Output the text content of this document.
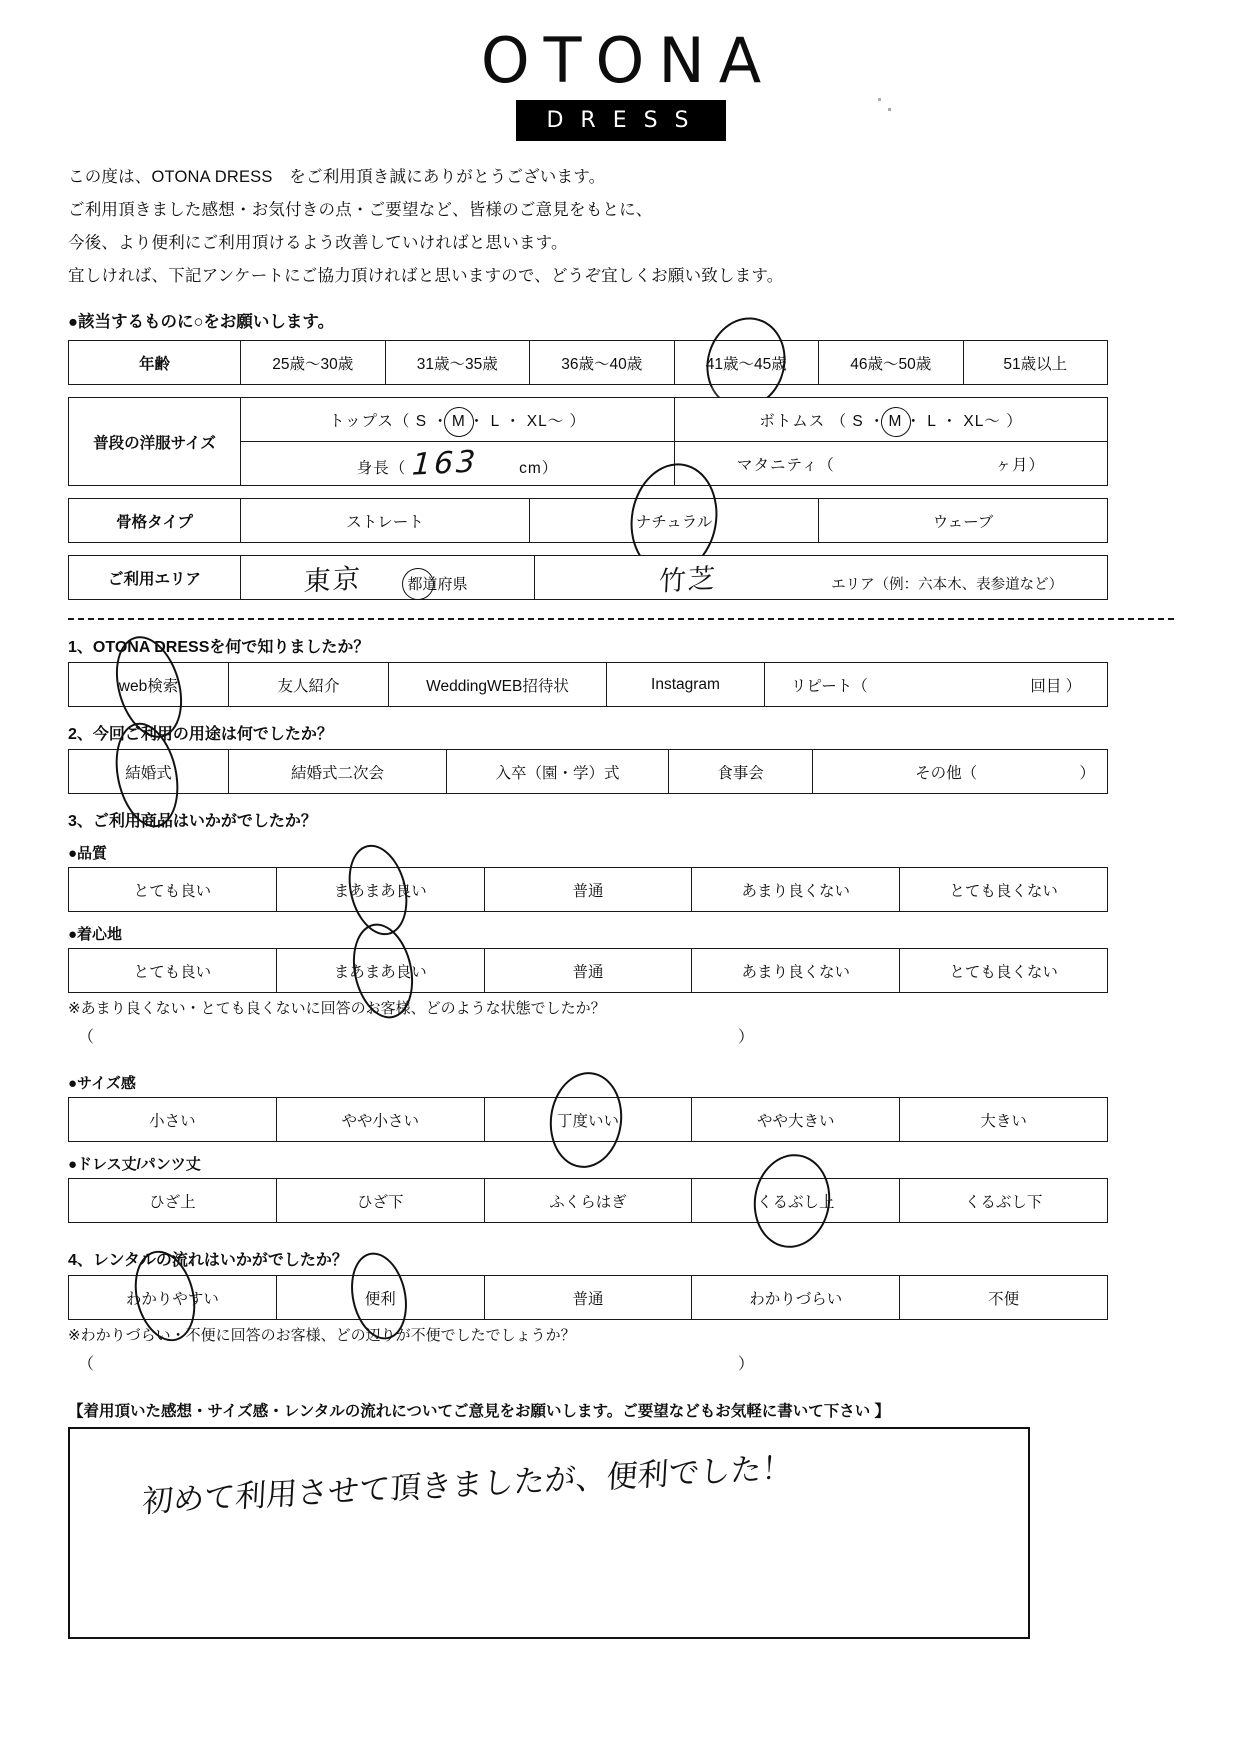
OTONA
DRESS

この度は、OTONA DRESS　をご利用頂き誠にありがとうございます。

ご利用頂きました感想・お気付きの点・ご要望など、皆様のご意見をもとに、

今後、より便利にご利用頂けるよう改善していければと思います。

宜しければ、下記アンケートにご協力頂ければと思いますので、どうぞ宜しくお願い致します。

●該当するものに○をお願いします。
年齢	25歳～30歳	31歳～35歳	36歳～40歳	41歳～45歳	46歳～50歳	51歳以上
普段の洋服サイズ	トップス（ S ・ M ・ L ・ XL～ ）	ボトムス （ S ・ M ・ L ・ XL～ ）
	身長（ 163 cm）	マタニティ（ ヶ月）
骨格タイプ	ストレート	ナチュラル	ウェーブ
ご利用エリア	東京	都道府県	竹芝	エリア（例：六本木、表参道など）
1、OTONA DRESSを何で知りましたか？
web検索	友人紹介	WeddingWEB招待状	Instagram	リピート（	回目 ）
2、今回ご利用の用途は何でしたか？
結婚式	結婚式二次会	入卒（園・学）式	食事会	その他（	）
3、ご利用商品はいかがでしたか？
●品質
とても良い	まあまあ良い	普通	あまり良くない	とても良くない
●着心地
とても良い	まあまあ良い	普通	あまり良くない	とても良くない
※あまり良くない・とても良くないに回答のお客様、どのような状態でしたか？
（	）
●サイズ感
小さい	やや小さい	丁度いい	やや大きい	大きい
●ドレス丈/パンツ丈
ひざ上	ひざ下	ふくらはぎ	くるぶし上	くるぶし下
4、レンタルの流れはいかがでしたか？
わかりやすい	便利	普通	わかりづらい	不便
※わかりづらい・不便に回答のお客様、どの辺りが不便でしたでしょうか？
（	）
【着用頂いた感想・サイズ感・レンタルの流れについてご意見をお願いします。ご要望などもお気軽に書いて下さい 】
初めて利用させて頂きましたが、便利でした！
